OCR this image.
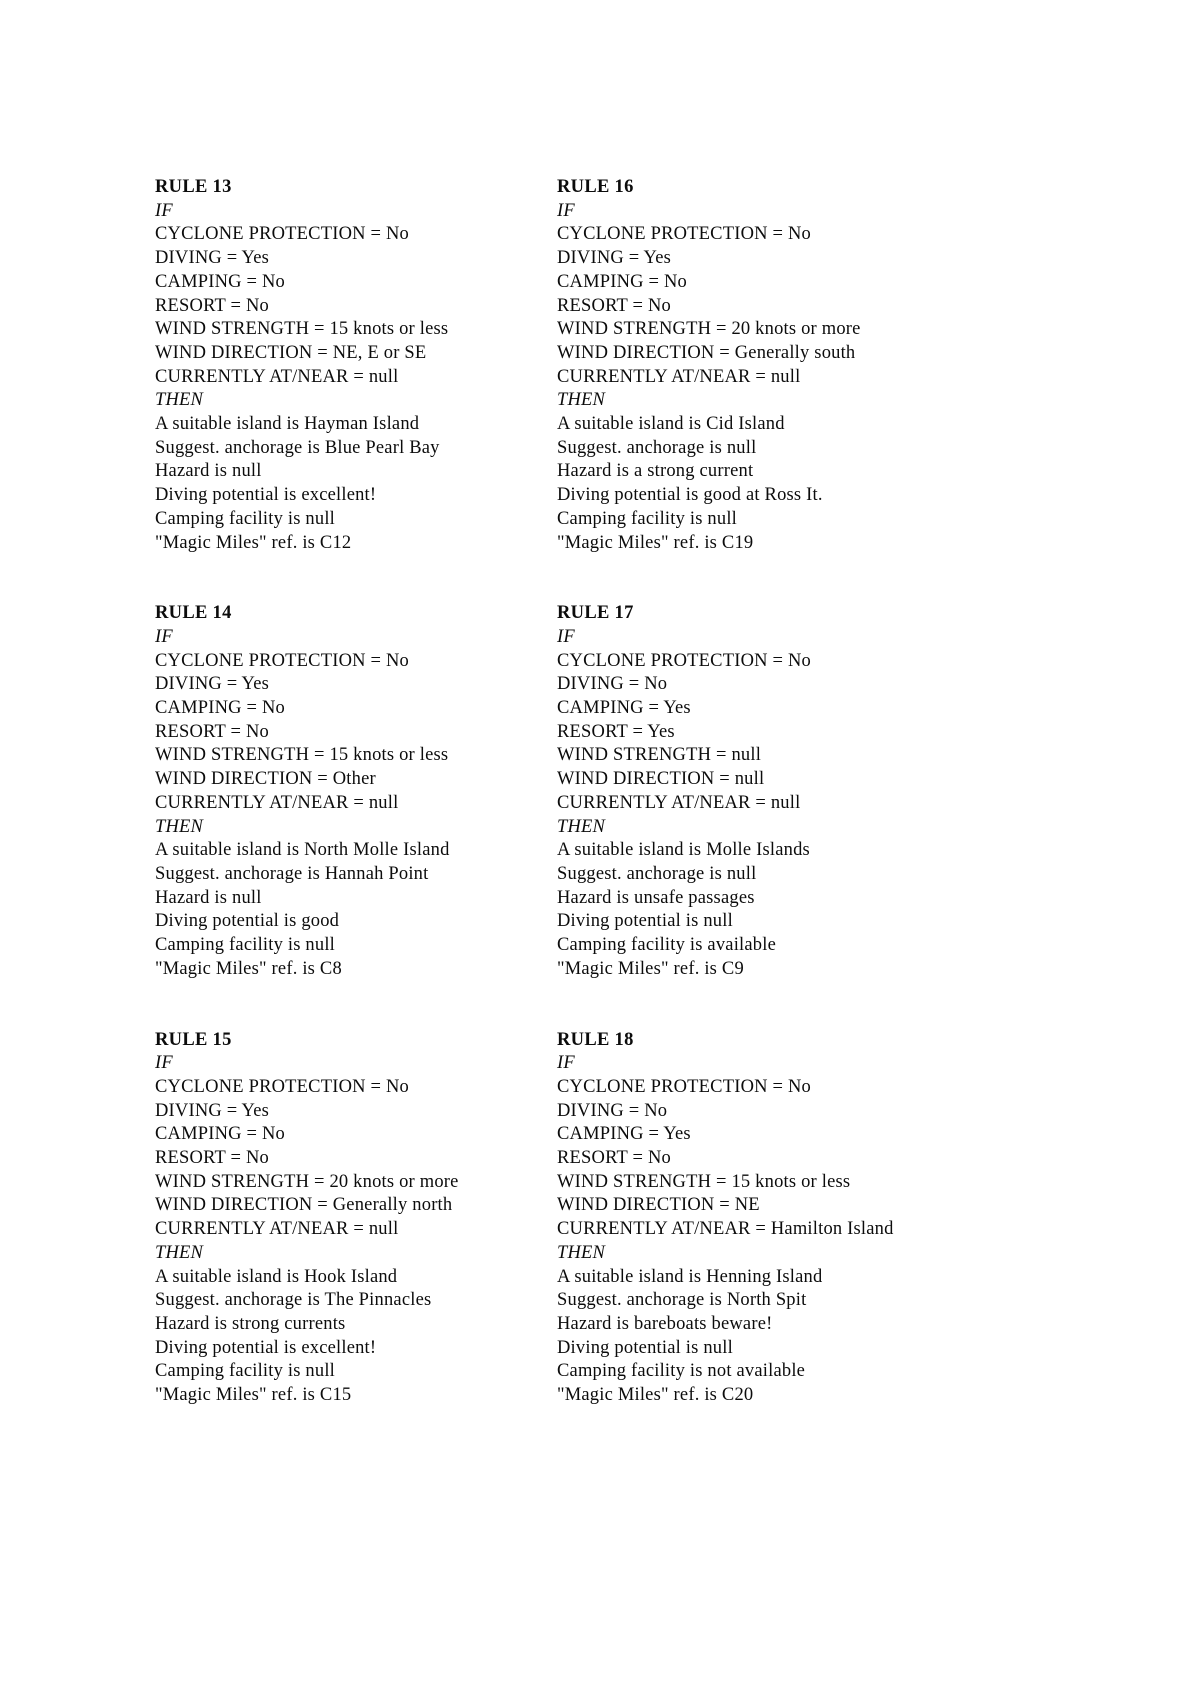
RULE 13
IF
CYCLONE PROTECTION = No
DIVING = Yes
CAMPING = No
RESORT = No
WIND STRENGTH = 15 knots or less
WIND DIRECTION = NE, E or SE
CURRENTLY AT/NEAR = null
THEN
A suitable island is Hayman Island
Suggest. anchorage is Blue Pearl Bay
Hazard is null
Diving potential is excellent!
Camping facility is null
"Magic Miles" ref. is C12
RULE 14
IF
CYCLONE PROTECTION = No
DIVING = Yes
CAMPING = No
RESORT = No
WIND STRENGTH = 15 knots or less
WIND DIRECTION = Other
CURRENTLY AT/NEAR = null
THEN
A suitable island is North Molle Island
Suggest. anchorage is Hannah Point
Hazard is null
Diving potential is good
Camping facility is null
"Magic Miles" ref. is C8
RULE 15
IF
CYCLONE PROTECTION = No
DIVING = Yes
CAMPING = No
RESORT = No
WIND STRENGTH = 20 knots or more
WIND DIRECTION = Generally north
CURRENTLY AT/NEAR = null
THEN
A suitable island is Hook Island
Suggest. anchorage is The Pinnacles
Hazard is strong currents
Diving potential is excellent!
Camping facility is null
"Magic Miles" ref. is C15
RULE 16
IF
CYCLONE PROTECTION = No
DIVING = Yes
CAMPING = No
RESORT = No
WIND STRENGTH = 20 knots or more
WIND DIRECTION = Generally south
CURRENTLY AT/NEAR = null
THEN
A suitable island is Cid Island
Suggest. anchorage is null
Hazard is a strong current
Diving potential is good at Ross It.
Camping facility is null
"Magic Miles" ref. is C19
RULE 17
IF
CYCLONE PROTECTION = No
DIVING = No
CAMPING = Yes
RESORT = Yes
WIND STRENGTH = null
WIND DIRECTION = null
CURRENTLY AT/NEAR = null
THEN
A suitable island is Molle Islands
Suggest. anchorage is null
Hazard is unsafe passages
Diving potential is null
Camping facility is available
"Magic Miles" ref. is C9
RULE 18
IF
CYCLONE PROTECTION = No
DIVING = No
CAMPING = Yes
RESORT = No
WIND STRENGTH = 15 knots or less
WIND DIRECTION = NE
CURRENTLY AT/NEAR = Hamilton Island
THEN
A suitable island is Henning Island
Suggest. anchorage is North Spit
Hazard is bareboats beware!
Diving potential is null
Camping facility is not available
"Magic Miles" ref. is C20
